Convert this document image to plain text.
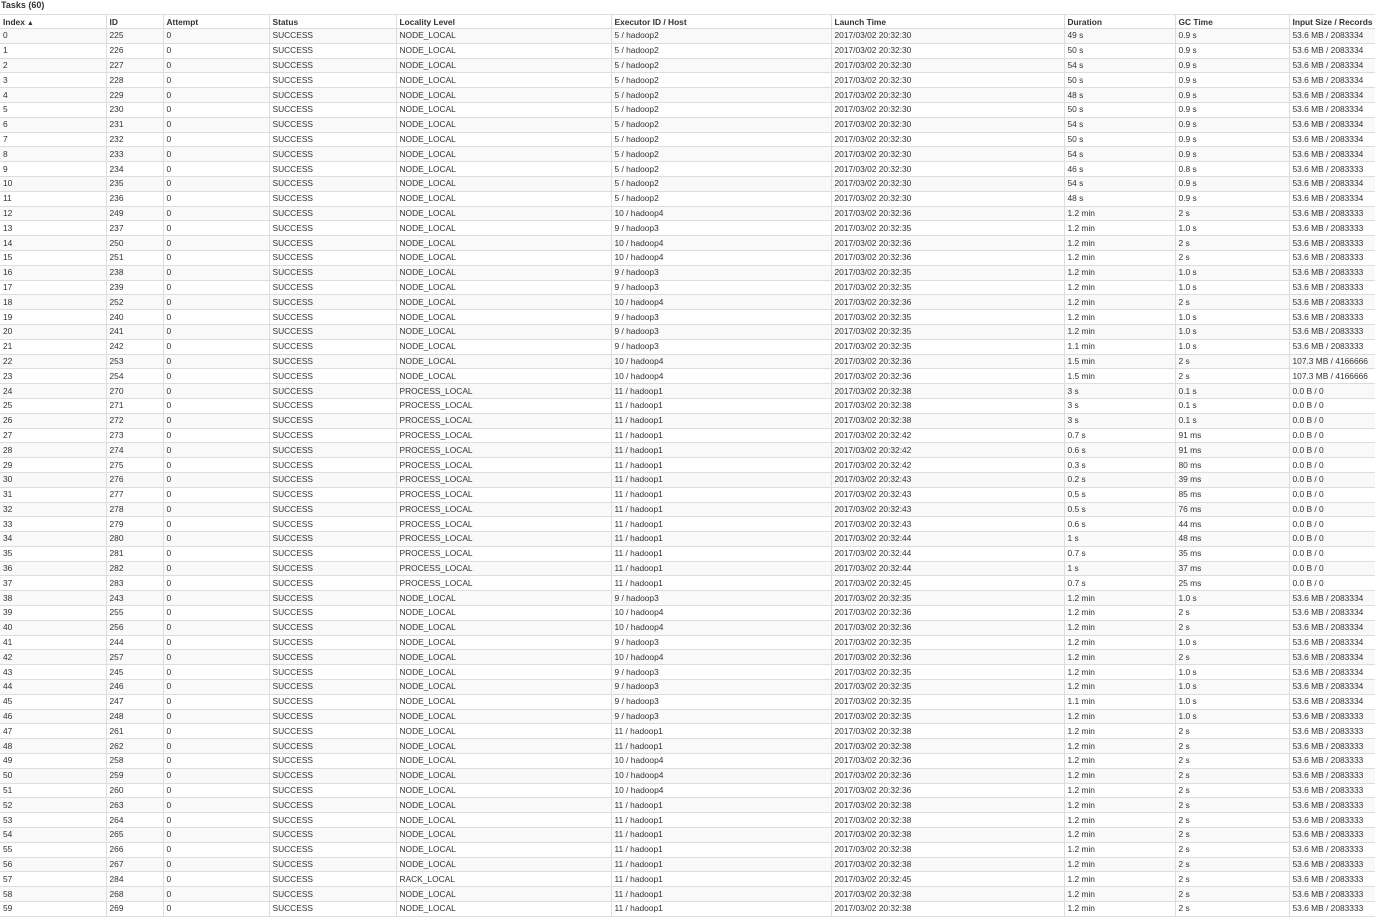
Tasks (60)
Index ▲	ID	Attempt	Status	Locality Level	Executor ID / Host	Launch Time	Duration	GC Time	Input Size / Records
0	225	0	SUCCESS	NODE_LOCAL	5 / hadoop2	2017/03/02 20:32:30	49 s	0.9 s	53.6 MB / 2083334
1	226	0	SUCCESS	NODE_LOCAL	5 / hadoop2	2017/03/02 20:32:30	50 s	0.9 s	53.6 MB / 2083334
2	227	0	SUCCESS	NODE_LOCAL	5 / hadoop2	2017/03/02 20:32:30	54 s	0.9 s	53.6 MB / 2083334
3	228	0	SUCCESS	NODE_LOCAL	5 / hadoop2	2017/03/02 20:32:30	50 s	0.9 s	53.6 MB / 2083334
4	229	0	SUCCESS	NODE_LOCAL	5 / hadoop2	2017/03/02 20:32:30	48 s	0.9 s	53.6 MB / 2083334
5	230	0	SUCCESS	NODE_LOCAL	5 / hadoop2	2017/03/02 20:32:30	50 s	0.9 s	53.6 MB / 2083334
6	231	0	SUCCESS	NODE_LOCAL	5 / hadoop2	2017/03/02 20:32:30	54 s	0.9 s	53.6 MB / 2083334
7	232	0	SUCCESS	NODE_LOCAL	5 / hadoop2	2017/03/02 20:32:30	50 s	0.9 s	53.6 MB / 2083334
8	233	0	SUCCESS	NODE_LOCAL	5 / hadoop2	2017/03/02 20:32:30	54 s	0.9 s	53.6 MB / 2083334
9	234	0	SUCCESS	NODE_LOCAL	5 / hadoop2	2017/03/02 20:32:30	46 s	0.8 s	53.6 MB / 2083333
10	235	0	SUCCESS	NODE_LOCAL	5 / hadoop2	2017/03/02 20:32:30	54 s	0.9 s	53.6 MB / 2083334
11	236	0	SUCCESS	NODE_LOCAL	5 / hadoop2	2017/03/02 20:32:30	48 s	0.9 s	53.6 MB / 2083334
12	249	0	SUCCESS	NODE_LOCAL	10 / hadoop4	2017/03/02 20:32:36	1.2 min	2 s	53.6 MB / 2083333
13	237	0	SUCCESS	NODE_LOCAL	9 / hadoop3	2017/03/02 20:32:35	1.2 min	1.0 s	53.6 MB / 2083333
14	250	0	SUCCESS	NODE_LOCAL	10 / hadoop4	2017/03/02 20:32:36	1.2 min	2 s	53.6 MB / 2083333
15	251	0	SUCCESS	NODE_LOCAL	10 / hadoop4	2017/03/02 20:32:36	1.2 min	2 s	53.6 MB / 2083333
16	238	0	SUCCESS	NODE_LOCAL	9 / hadoop3	2017/03/02 20:32:35	1.2 min	1.0 s	53.6 MB / 2083333
17	239	0	SUCCESS	NODE_LOCAL	9 / hadoop3	2017/03/02 20:32:35	1.2 min	1.0 s	53.6 MB / 2083333
18	252	0	SUCCESS	NODE_LOCAL	10 / hadoop4	2017/03/02 20:32:36	1.2 min	2 s	53.6 MB / 2083333
19	240	0	SUCCESS	NODE_LOCAL	9 / hadoop3	2017/03/02 20:32:35	1.2 min	1.0 s	53.6 MB / 2083333
20	241	0	SUCCESS	NODE_LOCAL	9 / hadoop3	2017/03/02 20:32:35	1.2 min	1.0 s	53.6 MB / 2083333
21	242	0	SUCCESS	NODE_LOCAL	9 / hadoop3	2017/03/02 20:32:35	1.1 min	1.0 s	53.6 MB / 2083333
22	253	0	SUCCESS	NODE_LOCAL	10 / hadoop4	2017/03/02 20:32:36	1.5 min	2 s	107.3 MB / 4166666
23	254	0	SUCCESS	NODE_LOCAL	10 / hadoop4	2017/03/02 20:32:36	1.5 min	2 s	107.3 MB / 4166666
24	270	0	SUCCESS	PROCESS_LOCAL	11 / hadoop1	2017/03/02 20:32:38	3 s	0.1 s	0.0 B / 0
25	271	0	SUCCESS	PROCESS_LOCAL	11 / hadoop1	2017/03/02 20:32:38	3 s	0.1 s	0.0 B / 0
26	272	0	SUCCESS	PROCESS_LOCAL	11 / hadoop1	2017/03/02 20:32:38	3 s	0.1 s	0.0 B / 0
27	273	0	SUCCESS	PROCESS_LOCAL	11 / hadoop1	2017/03/02 20:32:42	0.7 s	91 ms	0.0 B / 0
28	274	0	SUCCESS	PROCESS_LOCAL	11 / hadoop1	2017/03/02 20:32:42	0.6 s	91 ms	0.0 B / 0
29	275	0	SUCCESS	PROCESS_LOCAL	11 / hadoop1	2017/03/02 20:32:42	0.3 s	80 ms	0.0 B / 0
30	276	0	SUCCESS	PROCESS_LOCAL	11 / hadoop1	2017/03/02 20:32:43	0.2 s	39 ms	0.0 B / 0
31	277	0	SUCCESS	PROCESS_LOCAL	11 / hadoop1	2017/03/02 20:32:43	0.5 s	85 ms	0.0 B / 0
32	278	0	SUCCESS	PROCESS_LOCAL	11 / hadoop1	2017/03/02 20:32:43	0.5 s	76 ms	0.0 B / 0
33	279	0	SUCCESS	PROCESS_LOCAL	11 / hadoop1	2017/03/02 20:32:43	0.6 s	44 ms	0.0 B / 0
34	280	0	SUCCESS	PROCESS_LOCAL	11 / hadoop1	2017/03/02 20:32:44	1 s	48 ms	0.0 B / 0
35	281	0	SUCCESS	PROCESS_LOCAL	11 / hadoop1	2017/03/02 20:32:44	0.7 s	35 ms	0.0 B / 0
36	282	0	SUCCESS	PROCESS_LOCAL	11 / hadoop1	2017/03/02 20:32:44	1 s	37 ms	0.0 B / 0
37	283	0	SUCCESS	PROCESS_LOCAL	11 / hadoop1	2017/03/02 20:32:45	0.7 s	25 ms	0.0 B / 0
38	243	0	SUCCESS	NODE_LOCAL	9 / hadoop3	2017/03/02 20:32:35	1.2 min	1.0 s	53.6 MB / 2083334
39	255	0	SUCCESS	NODE_LOCAL	10 / hadoop4	2017/03/02 20:32:36	1.2 min	2 s	53.6 MB / 2083334
40	256	0	SUCCESS	NODE_LOCAL	10 / hadoop4	2017/03/02 20:32:36	1.2 min	2 s	53.6 MB / 2083334
41	244	0	SUCCESS	NODE_LOCAL	9 / hadoop3	2017/03/02 20:32:35	1.2 min	1.0 s	53.6 MB / 2083334
42	257	0	SUCCESS	NODE_LOCAL	10 / hadoop4	2017/03/02 20:32:36	1.2 min	2 s	53.6 MB / 2083334
43	245	0	SUCCESS	NODE_LOCAL	9 / hadoop3	2017/03/02 20:32:35	1.2 min	1.0 s	53.6 MB / 2083334
44	246	0	SUCCESS	NODE_LOCAL	9 / hadoop3	2017/03/02 20:32:35	1.2 min	1.0 s	53.6 MB / 2083334
45	247	0	SUCCESS	NODE_LOCAL	9 / hadoop3	2017/03/02 20:32:35	1.1 min	1.0 s	53.6 MB / 2083334
46	248	0	SUCCESS	NODE_LOCAL	9 / hadoop3	2017/03/02 20:32:35	1.2 min	1.0 s	53.6 MB / 2083333
47	261	0	SUCCESS	NODE_LOCAL	11 / hadoop1	2017/03/02 20:32:38	1.2 min	2 s	53.6 MB / 2083333
48	262	0	SUCCESS	NODE_LOCAL	11 / hadoop1	2017/03/02 20:32:38	1.2 min	2 s	53.6 MB / 2083333
49	258	0	SUCCESS	NODE_LOCAL	10 / hadoop4	2017/03/02 20:32:36	1.2 min	2 s	53.6 MB / 2083333
50	259	0	SUCCESS	NODE_LOCAL	10 / hadoop4	2017/03/02 20:32:36	1.2 min	2 s	53.6 MB / 2083333
51	260	0	SUCCESS	NODE_LOCAL	10 / hadoop4	2017/03/02 20:32:36	1.2 min	2 s	53.6 MB / 2083333
52	263	0	SUCCESS	NODE_LOCAL	11 / hadoop1	2017/03/02 20:32:38	1.2 min	2 s	53.6 MB / 2083333
53	264	0	SUCCESS	NODE_LOCAL	11 / hadoop1	2017/03/02 20:32:38	1.2 min	2 s	53.6 MB / 2083333
54	265	0	SUCCESS	NODE_LOCAL	11 / hadoop1	2017/03/02 20:32:38	1.2 min	2 s	53.6 MB / 2083333
55	266	0	SUCCESS	NODE_LOCAL	11 / hadoop1	2017/03/02 20:32:38	1.2 min	2 s	53.6 MB / 2083333
56	267	0	SUCCESS	NODE_LOCAL	11 / hadoop1	2017/03/02 20:32:38	1.2 min	2 s	53.6 MB / 2083333
57	284	0	SUCCESS	RACK_LOCAL	11 / hadoop1	2017/03/02 20:32:45	1.2 min	2 s	53.6 MB / 2083333
58	268	0	SUCCESS	NODE_LOCAL	11 / hadoop1	2017/03/02 20:32:38	1.2 min	2 s	53.6 MB / 2083333
59	269	0	SUCCESS	NODE_LOCAL	11 / hadoop1	2017/03/02 20:32:38	1.2 min	2 s	53.6 MB / 2083333
